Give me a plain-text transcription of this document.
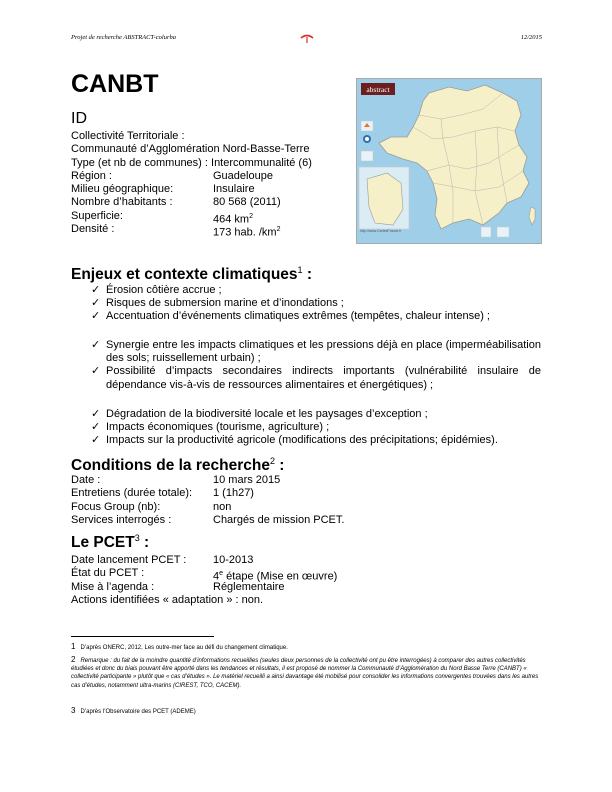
Projet de recherche ABSTRACT-colurba	12/2015
CANBT
ID
Collectivité Territoriale :
Communauté d’Agglomération Nord-Basse-Terre
Type (et nb de communes) : Intercommunalité (6)
Région :	Guadeloupe
Milieu géographique:	Insulaire
Nombre d’habitants :	80 568 (2011)
Superficie:	464 $km^2$
Densité :	173 hab. $/km^2$
abstract
http://www.CartesFrance.fr
Enjeux et contexte climatiques$^1$ :
✓ Érosion côtière accrue ;
✓ Risques de submersion marine et d’inondations ;
✓ Accentuation d’événements climatiques extrêmes (tempêtes, chaleur intense) ;
✓ Synergie entre les impacts climatiques et les pressions déjà en place (imperméabilisation des sols; ruissellement urbain) ;
✓ Possibilité d’impacts secondaires indirects importants (vulnérabilité insulaire de dépendance vis-à-vis de ressources alimentaires et énergétiques) ;
✓ Dégradation de la biodiversité locale et les paysages d’exception ;
✓ Impacts économiques (tourisme, agriculture) ;
✓ Impacts sur la productivité agricole (modifications des précipitations; épidémies).
Conditions de la recherche$^2$ :
Date :	10 mars 2015
Entretiens (durée totale): 1 (1h27)
Focus Group (nb):	non
Services interrogés :	Chargés de mission PCET.
Le PCET$^3$ :
Date lancement PCET : 10-2013
État du PCET :	4e étape (Mise en œuvre)
Mise à l’agenda :	Réglementaire
Actions identifiées « adaptation » : non.
1 D’après ONERC, 2012, Les outre-mer face au défi du changement climatique.
2 Remarque : du fait de la moindre quantité d’informations recueillies (seules deux personnes de la collectivité ont pu être interrogées) à comparer des autres collectivités étudiées et donc du biais pouvant être apporté dans les tendances et résultats, il est proposé de nommer la Communauté d’Agglomération du Nord Basse Terre (CANBT) « collectivité participante » plutôt que « cas d’études ». Le matériel recueilli a ainsi davantage été mobilisé pour consolider les informations convergentes trouvées dans les autres cas d’études, notamment ultra-marins (CIREST, TCO, CACEM).
3 D’après l’Observatoire des PCET (ADEME)
